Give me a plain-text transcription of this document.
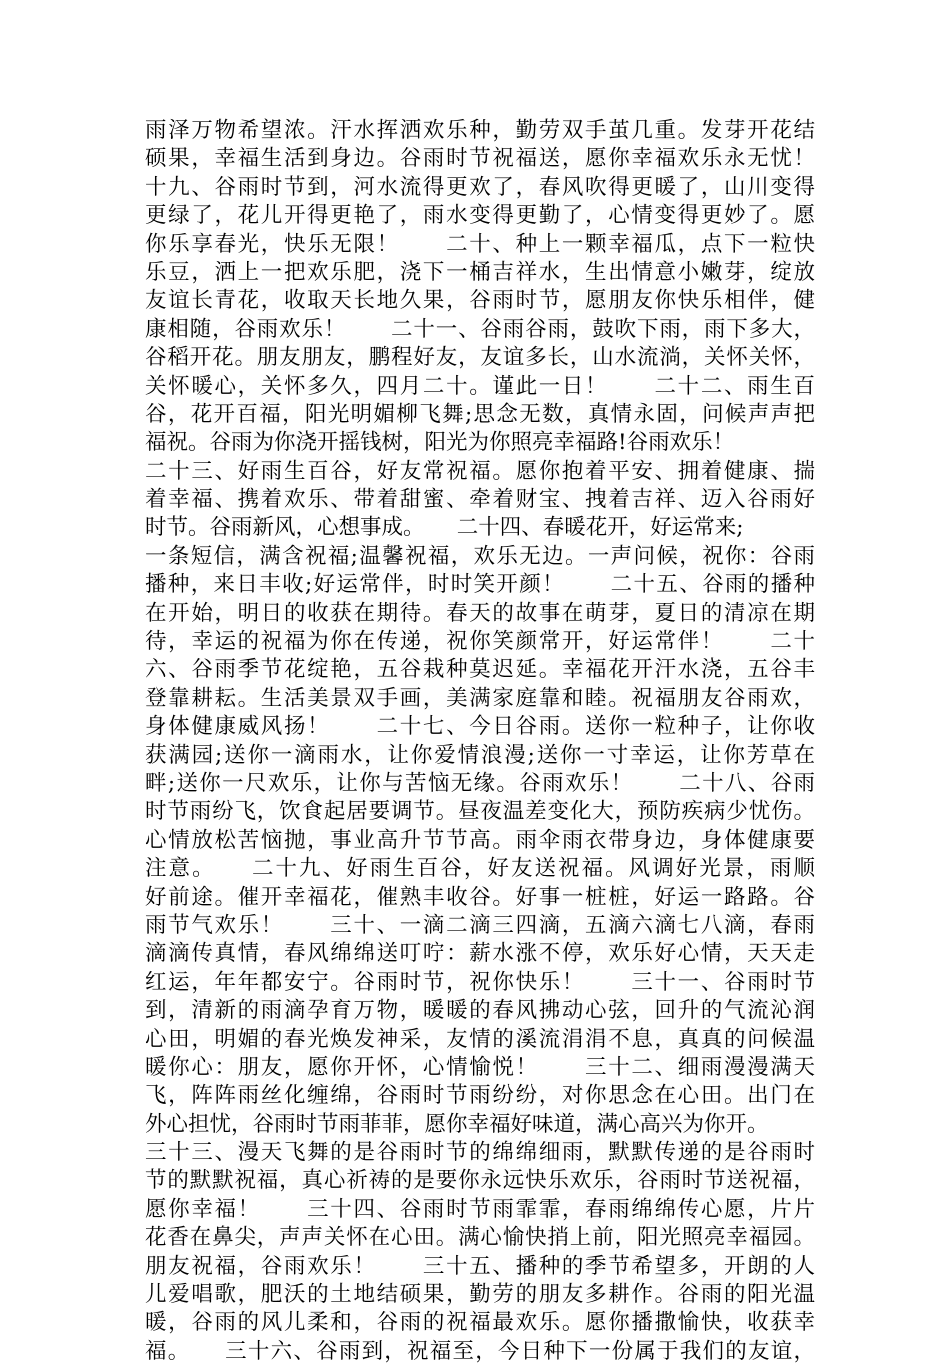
雨泽万物希望浓。汗水挥洒欢乐种，勤劳双手茧几重。发芽开花结
硕果，幸福生活到身边。谷雨时节祝福送，愿你幸福欢乐永无忧！
十九、谷雨时节到，河水流得更欢了，春风吹得更暖了，山川变得
更绿了，花儿开得更艳了，雨水变得更勤了，心情变得更妙了。愿
你乐享春光，快乐无限！　　二十、种上一颗幸福瓜，点下一粒快
乐豆，洒上一把欢乐肥，浇下一桶吉祥水，生出情意小嫩芽，绽放
友谊长青花，收取天长地久果，谷雨时节，愿朋友你快乐相伴，健
康相随，谷雨欢乐！　　二十一、谷雨谷雨，鼓吹下雨，雨下多大，
谷稻开花。朋友朋友，鹏程好友，友谊多长，山水流淌，关怀关怀，
关怀暖心，关怀多久，四月二十。谨此一日！　　二十二、雨生百
谷，花开百福，阳光明媚柳飞舞;思念无数，真情永固，问候声声把
福祝。谷雨为你浇开摇钱树，阳光为你照亮幸福路!谷雨欢乐！
二十三、好雨生百谷，好友常祝福。愿你抱着平安、拥着健康、揣
着幸福、携着欢乐、带着甜蜜、牵着财宝、拽着吉祥、迈入谷雨好
时节。谷雨新风，心想事成。　　二十四、春暖花开，好运常来;
一条短信，满含祝福;温馨祝福，欢乐无边。一声问候，祝你：谷雨
播种，来日丰收;好运常伴，时时笑开颜！　　二十五、谷雨的播种
在开始，明日的收获在期待。春天的故事在萌芽，夏日的清凉在期
待，幸运的祝福为你在传递，祝你笑颜常开，好运常伴！　　二十
六、谷雨季节花绽艳，五谷栽种莫迟延。幸福花开汗水浇，五谷丰
登靠耕耘。生活美景双手画，美满家庭靠和睦。祝福朋友谷雨欢，
身体健康威风扬！　　二十七、今日谷雨。送你一粒种子，让你收
获满园;送你一滴雨水，让你爱情浪漫;送你一寸幸运，让你芳草在
畔;送你一尺欢乐，让你与苦恼无缘。谷雨欢乐！　　二十八、谷雨
时节雨纷飞，饮食起居要调节。昼夜温差变化大，预防疾病少忧伤。
心情放松苦恼抛，事业高升节节高。雨伞雨衣带身边，身体健康要
注意。　　二十九、好雨生百谷，好友送祝福。风调好光景，雨顺
好前途。催开幸福花，催熟丰收谷。好事一桩桩，好运一路路。谷
雨节气欢乐！　　三十、一滴二滴三四滴，五滴六滴七八滴，春雨
滴滴传真情，春风绵绵送叮咛：薪水涨不停，欢乐好心情，天天走
红运，年年都安宁。谷雨时节，祝你快乐！　　三十一、谷雨时节
到，清新的雨滴孕育万物，暖暖的春风拂动心弦，回升的气流沁润
心田，明媚的春光焕发神采，友情的溪流涓涓不息，真真的问候温
暖你心：朋友，愿你开怀，心情愉悦！　　三十二、细雨漫漫满天
飞，阵阵雨丝化缠绵，谷雨时节雨纷纷，对你思念在心田。出门在
外心担忧，谷雨时节雨菲菲，愿你幸福好味道，满心高兴为你开。
三十三、漫天飞舞的是谷雨时节的绵绵细雨，默默传递的是谷雨时
节的默默祝福，真心祈祷的是要你永远快乐欢乐，谷雨时节送祝福，
愿你幸福！　　三十四、谷雨时节雨霏霏，春雨绵绵传心愿，片片
花香在鼻尖，声声关怀在心田。满心愉快捎上前，阳光照亮幸福园。
朋友祝福，谷雨欢乐！　　三十五、播种的季节希望多，开朗的人
儿爱唱歌，肥沃的土地结硕果，勤劳的朋友多耕作。谷雨的阳光温
暖，谷雨的风儿柔和，谷雨的祝福最欢乐。愿你播撒愉快，收获幸
福。　　三十六、谷雨到，祝福至，今日种下一份属于我们的友谊，
